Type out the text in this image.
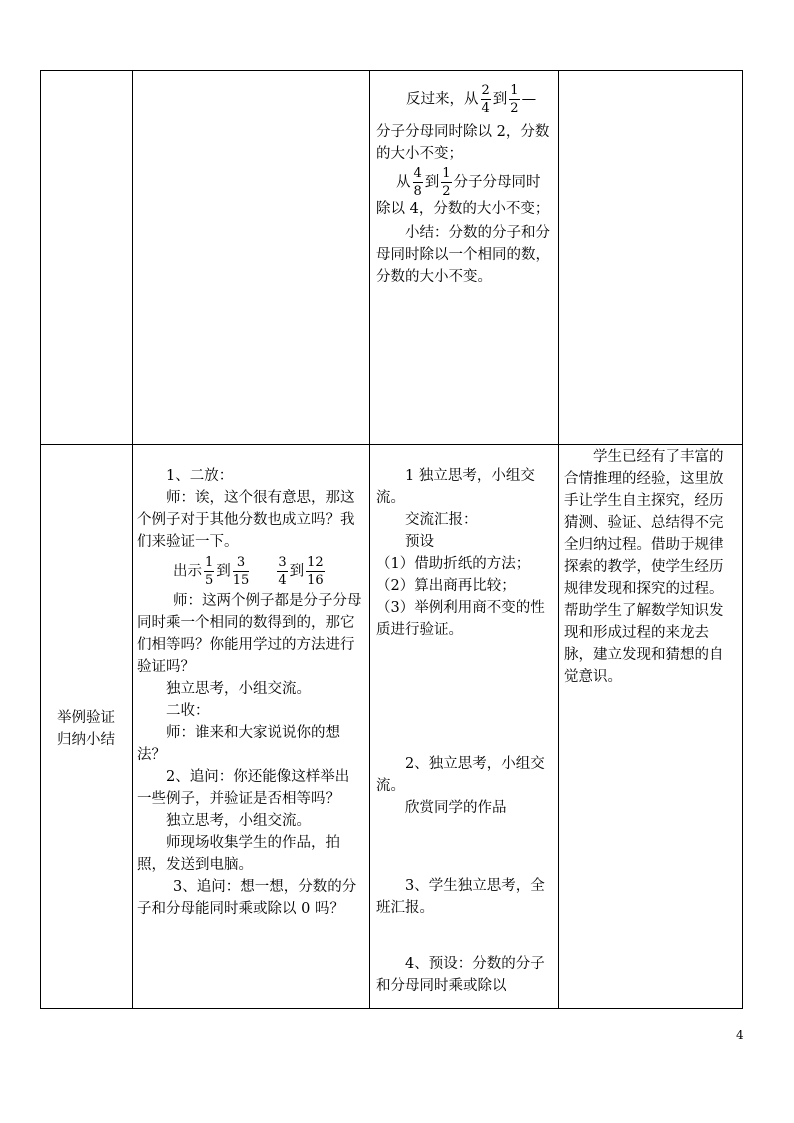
反过来，从 $\frac{2}{4}$ 到 $\frac{1}{2}$ —

分子分母同时除以 2，分数的大小不变；

从 $\frac{4}{8}$ 到 $\frac{1}{2}$ 分子分母同时除以 4，分数的大小不变；

小结：分数的分子和分母同时除以一个相同的数，分数的大小不变。

举例验证归纳小结

1、二放：

师：诶，这个很有意思，那这个例子对于其他分数也成立吗？我们来验证一下。

出示 $\frac{1}{5}$ 到 $\frac{3}{15} \frac{3}{4}$ 到 $\frac{12}{16}$

师：这两个例子都是分子分母同时乘一个相同的数得到的，那它们相等吗？你能用学过的方法进行验证吗？

独立思考，小组交流。

二收：

师：谁来和大家说说你的想法？

2、追问：你还能像这样举出一些例子，并验证是否相等吗？

独立思考，小组交流。

师现场收集学生的作品，拍照，发送到电脑。

3、追问：想一想，分数的分子和分母能同时乘或除以 0 吗？

1 独立思考，小组交流。

交流汇报：

预设

（1）借助折纸的方法；

（2）算出商再比较；

（3）举例利用商不变的性质进行验证。

2、独立思考，小组交流。

欣赏同学的作品

3、学生独立思考，全班汇报。

4、预设：分数的分子和分母同时乘或除以

学生已经有了丰富的合情推理的经验，这里放手让学生自主探究，经历猜测、验证、总结得不完全归纳过程。借助于规律探索的教学，使学生经历规律发现和探究的过程。帮助学生了解数学知识发现和形成过程的来龙去脉，建立发现和猜想的自觉意识。
4
